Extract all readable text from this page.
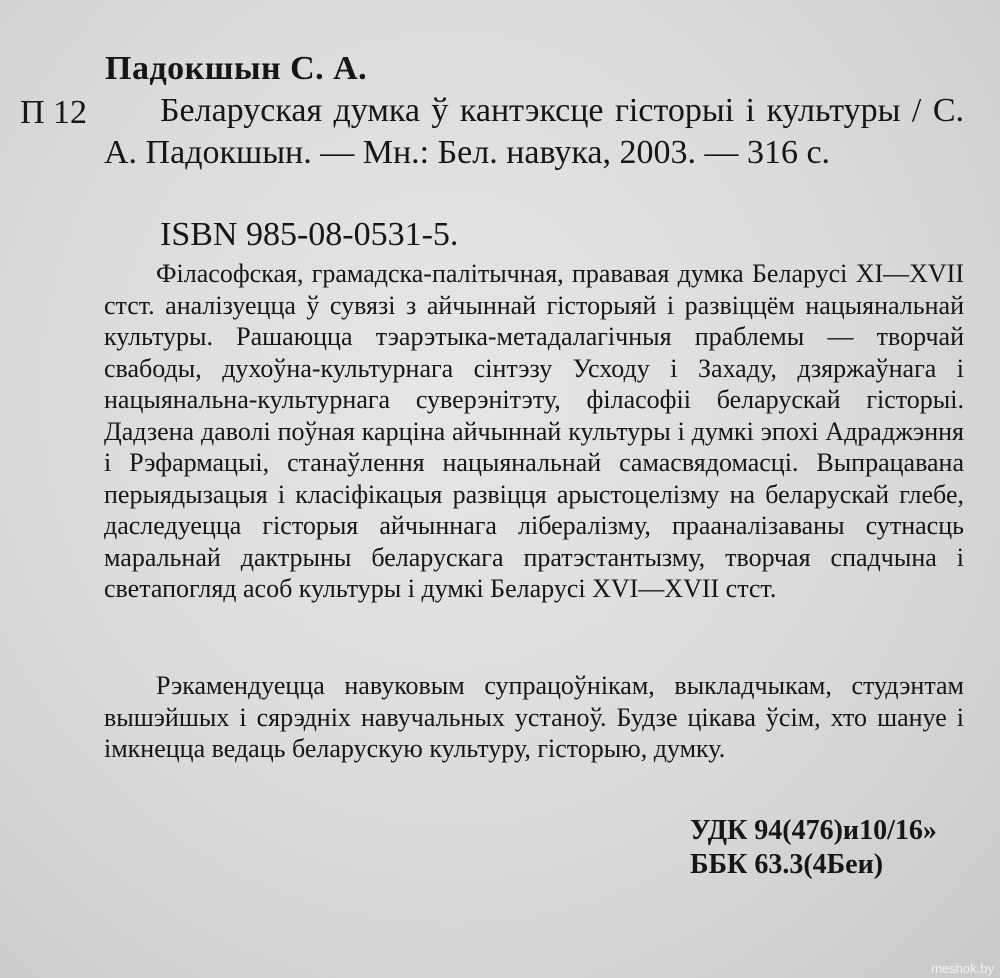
Падокшын С. А.
П 12	Беларуская думка ў кантэксце гісторыі і культуры / С. А. Падокшын. — Мн.: Бел. навука, 2003. — 316 с.

ISBN 985-08-0531-5.

Філасофская, грамадска-палітычная, прававая думка Беларусі XI—XVII стст. аналізуецца ў сувязі з айчыннай гісторыяй і развіццём нацыянальнай культуры. Рашаюцца тэарэтыка-метадалагічныя праблемы — творчай свабоды, духоўна-культурнага сінтэзу Усходу і Захаду, дзяржаўнага і нацыянальна-культурнага суверэнітэту, філасофіі беларускай гісторыі. Дадзена даволі поўная карціна айчыннай культуры і думкі эпохі Адраджэння і Рэфармацыі, станаўлення нацыянальнай самасвядомасці. Выпрацавана перыядызацыя і класіфікацыя развіцця арыстоцелізму на беларускай глебе, даследуецца гісторыя айчыннага лібералізму, прааналізаваны сутнасць маральнай дактрыны беларускага пратэстантызму, творчая спадчына і светапогляд асоб культуры і думкі Беларусі XVI—XVII стст.

Рэкамендуецца навуковым супрацоўнікам, выкладчыкам, студэнтам вышэйшых і сярэдніх навучальных устаноў. Будзе цікава ўсім, хто шануе і імкнецца ведаць беларускую культуру, гісторыю, думку.

УДК 94(476)и10/16»
ББК 63.3(4Беи)
meshok.by
